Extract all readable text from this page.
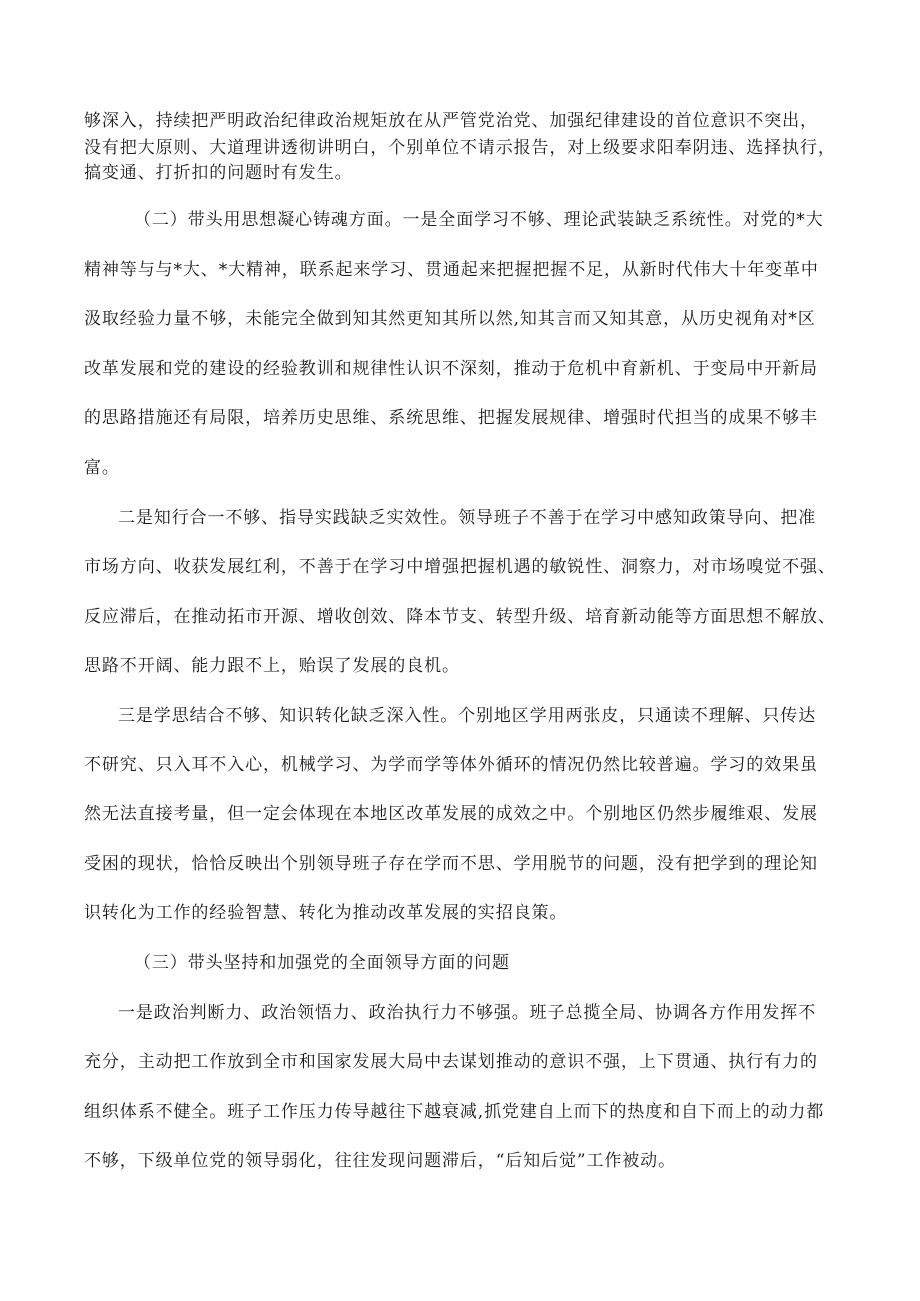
够深入，持续把严明政治纪律政治规矩放在从严管党治党、加强纪律建设的首位意识不突出，
没有把大原则、大道理讲透彻讲明白，个别单位不请示报告，对上级要求阳奉阴违、选择执行，
搞变通、打折扣的问题时有发生。
（二）带头用思想凝心铸魂方面。一是全面学习不够、理论武装缺乏系统性。对党的*大
精神等与与*大、*大精神，联系起来学习、贯通起来把握把握不足，从新时代伟大十年变革中
汲取经验力量不够，未能完全做到知其然更知其所以然,知其言而又知其意，从历史视角对*区
改革发展和党的建设的经验教训和规律性认识不深刻，推动于危机中育新机、于变局中开新局
的思路措施还有局限，培养历史思维、系统思维、把握发展规律、增强时代担当的成果不够丰
富。
二是知行合一不够、指导实践缺乏实效性。领导班子不善于在学习中感知政策导向、把准
市场方向、收获发展红利，不善于在学习中增强把握机遇的敏锐性、洞察力，对市场嗅觉不强、
反应滞后，在推动拓市开源、增收创效、降本节支、转型升级、培育新动能等方面思想不解放、
思路不开阔、能力跟不上，贻误了发展的良机。
三是学思结合不够、知识转化缺乏深入性。个别地区学用两张皮，只通读不理解、只传达
不研究、只入耳不入心，机械学习、为学而学等体外循环的情况仍然比较普遍。学习的效果虽
然无法直接考量，但一定会体现在本地区改革发展的成效之中。个别地区仍然步履维艰、发展
受困的现状，恰恰反映出个别领导班子存在学而不思、学用脱节的问题，没有把学到的理论知
识转化为工作的经验智慧、转化为推动改革发展的实招良策。
（三）带头坚持和加强党的全面领导方面的问题
一是政治判断力、政治领悟力、政治执行力不够强。班子总揽全局、协调各方作用发挥不
充分，主动把工作放到全市和国家发展大局中去谋划推动的意识不强，上下贯通、执行有力的
组织体系不健全。班子工作压力传导越往下越衰减,抓党建自上而下的热度和自下而上的动力都
不够，下级单位党的领导弱化，往往发现问题滞后，“后知后觉”工作被动。
